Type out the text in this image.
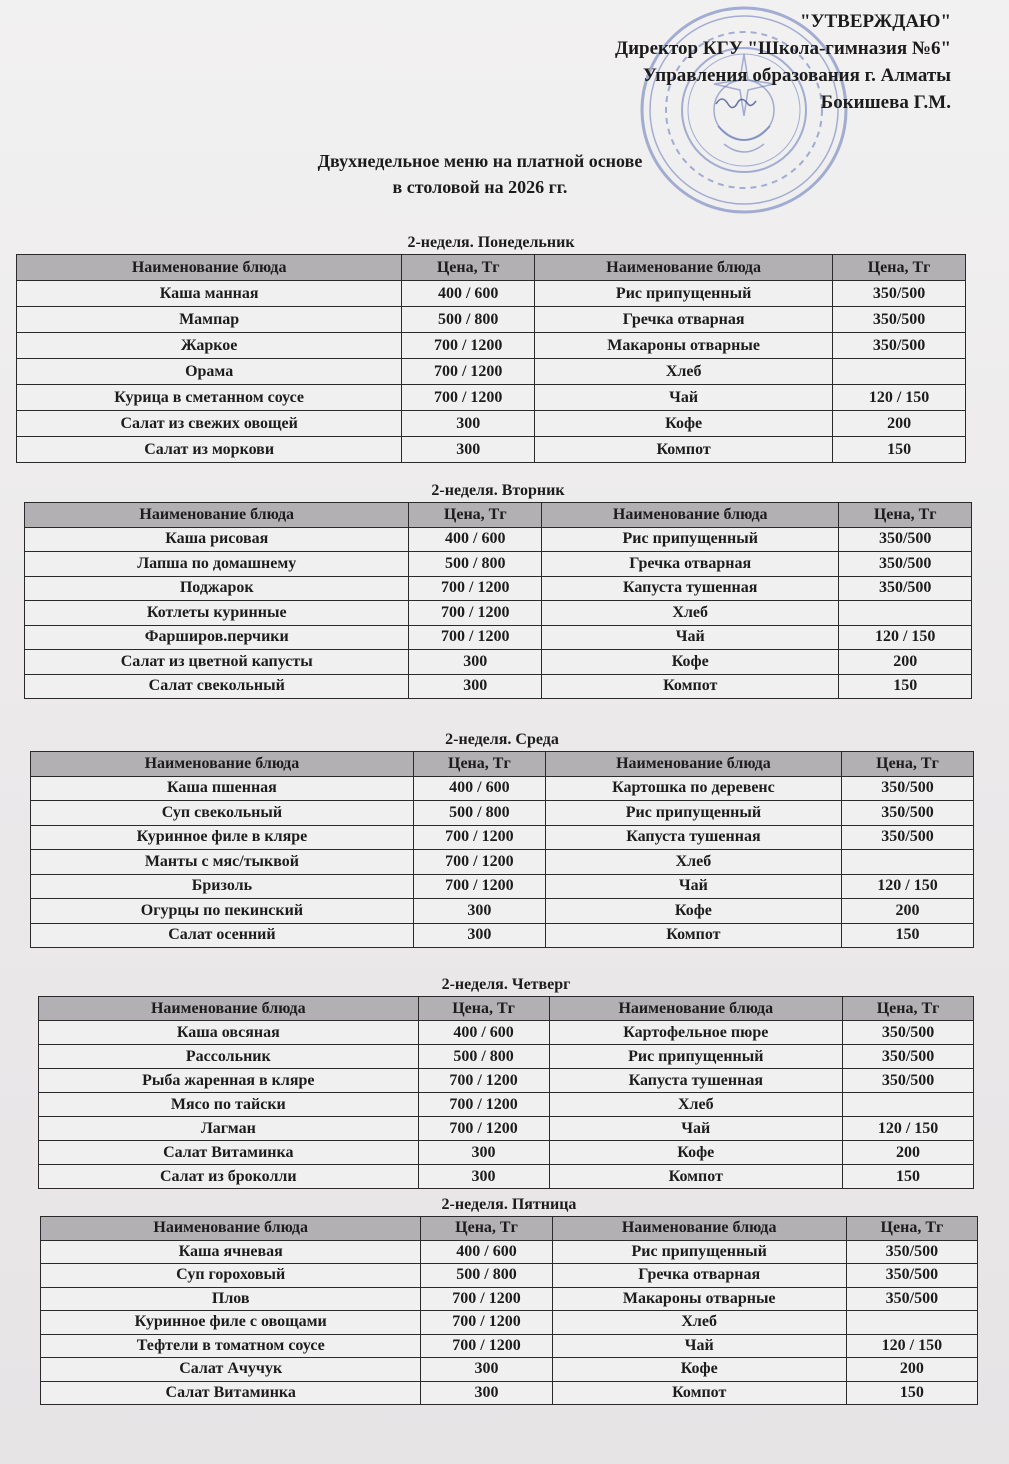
"УТВЕРЖДАЮ"
Директор КГУ "Школа-гимназия №6"
Управления образования г. Алматы
Бокишева Г.М.
Двухнедельное меню на платной основе
в столовой на 2026 гг.
2-неделя. Понедельник
Наименование блюда	Цена, Тг	Наименование блюда	Цена, Тг
Каша манная	400 / 600	Рис припущенный	350/500
Мампар	500 / 800	Гречка отварная	350/500
Жаркое	700 / 1200	Макароны отварные	350/500
Орама	700 / 1200	Хлеб	
Курица в сметанном соусе	700 / 1200	Чай	120 / 150
Салат из свежих овощей	300	Кофе	200
Салат из моркови	300	Компот	150
2-неделя. Вторник
Наименование блюда	Цена, Тг	Наименование блюда	Цена, Тг
Каша рисовая	400 / 600	Рис припущенный	350/500
Лапша по домашнему	500 / 800	Гречка отварная	350/500
Поджарок	700 / 1200	Капуста тушенная	350/500
Котлеты куринные	700 / 1200	Хлеб	
Фарширов.перчики	700 / 1200	Чай	120 / 150
Салат из цветной капусты	300	Кофе	200
Салат свекольный	300	Компот	150
2-неделя. Среда
Наименование блюда	Цена, Тг	Наименование блюда	Цена, Тг
Каша пшенная	400 / 600	Картошка по деревенс	350/500
Суп свекольный	500 / 800	Рис припущенный	350/500
Куринное филе в кляре	700 / 1200	Капуста тушенная	350/500
Манты с мяс/тыквой	700 / 1200	Хлеб	
Бризоль	700 / 1200	Чай	120 / 150
Огурцы по пекинский	300	Кофе	200
Салат осенний	300	Компот	150
2-неделя. Четверг
Наименование блюда	Цена, Тг	Наименование блюда	Цена, Тг
Каша овсяная	400 / 600	Картофельное пюре	350/500
Рассольник	500 / 800	Рис припущенный	350/500
Рыба жаренная в кляре	700 / 1200	Капуста тушенная	350/500
Мясо по тайски	700 / 1200	Хлеб	
Лагман	700 / 1200	Чай	120 / 150
Салат Витаминка	300	Кофе	200
Салат из броколли	300	Компот	150
2-неделя. Пятница
Наименование блюда	Цена, Тг	Наименование блюда	Цена, Тг
Каша ячневая	400 / 600	Рис припущенный	350/500
Суп гороховый	500 / 800	Гречка отварная	350/500
Плов	700 / 1200	Макароны отварные	350/500
Куринное филе с овощами	700 / 1200	Хлеб	
Тефтели в томатном соусе	700 / 1200	Чай	120 / 150
Салат Ачучук	300	Кофе	200
Салат Витаминка	300	Компот	150
